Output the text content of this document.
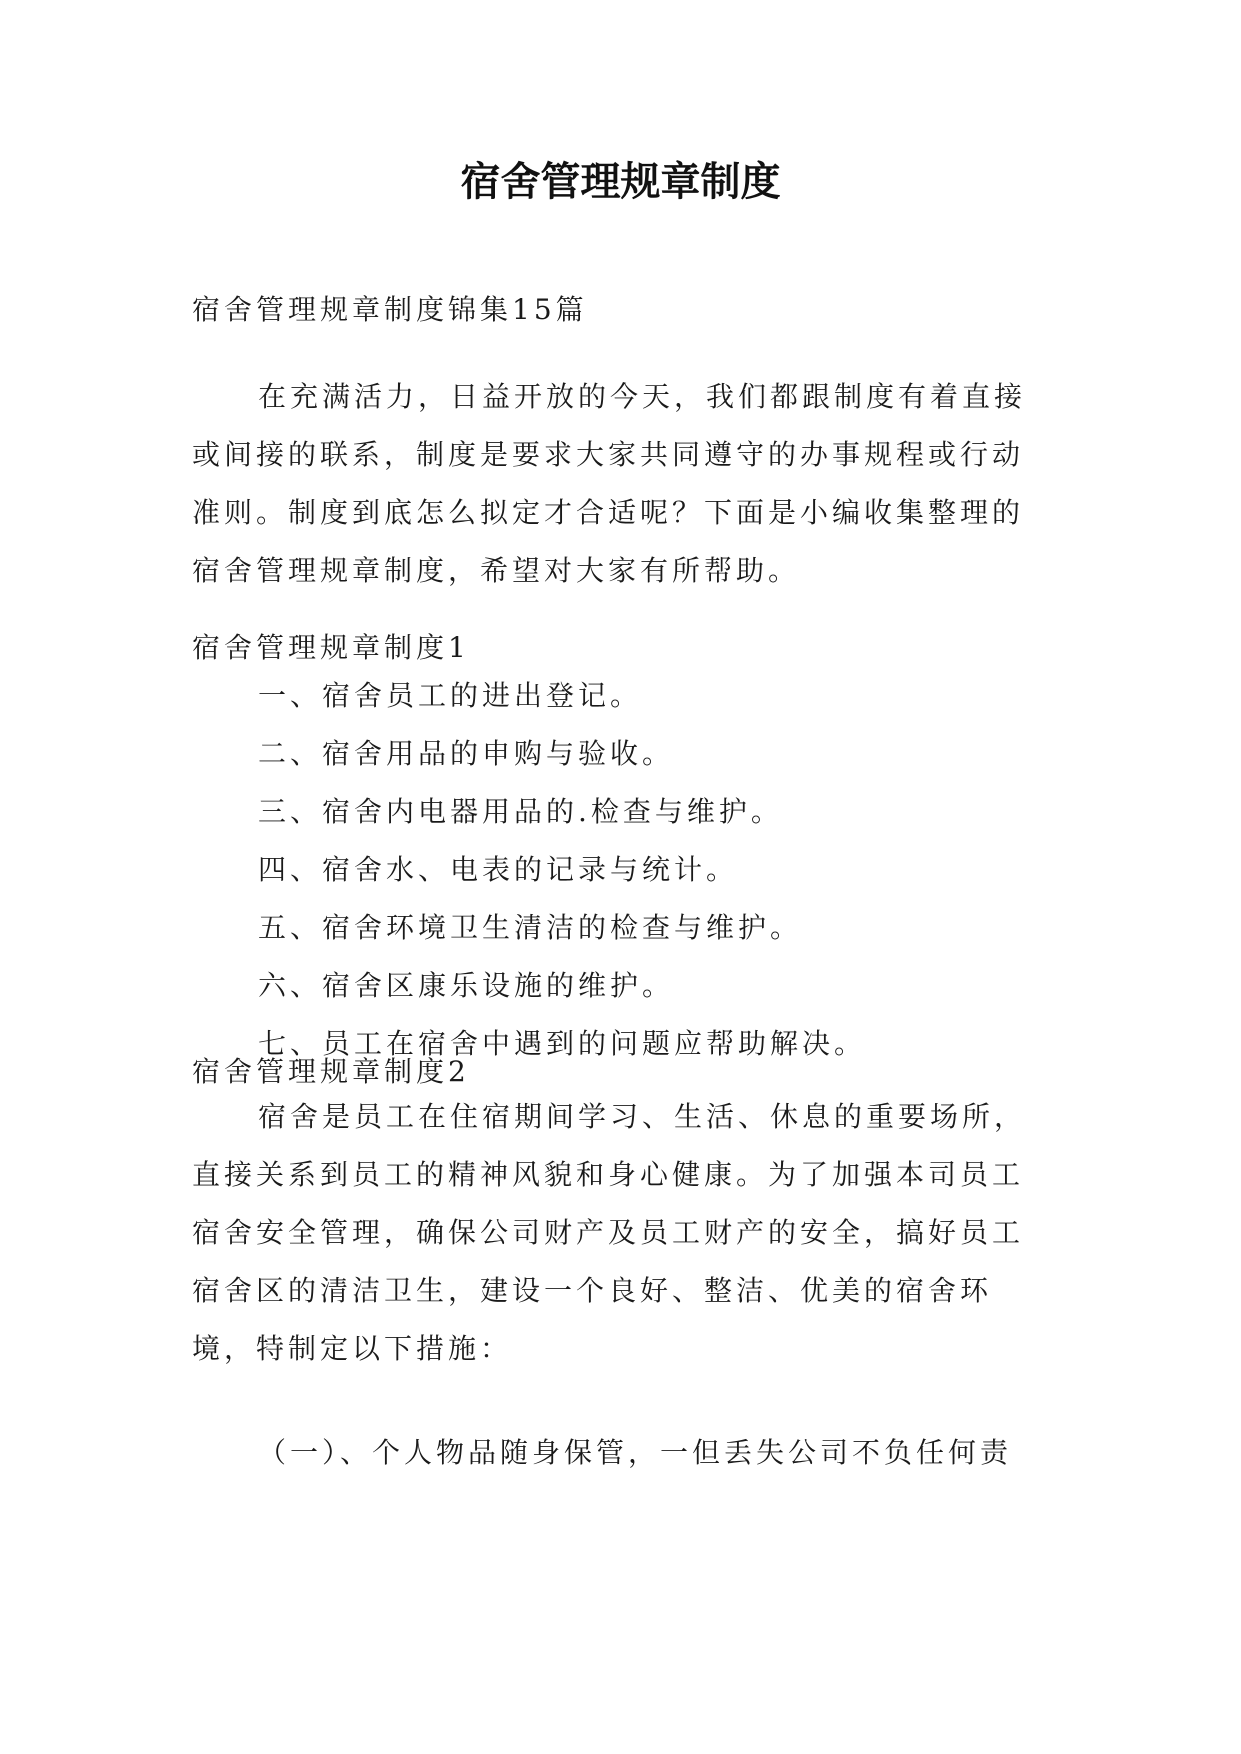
宿舍管理规章制度
宿舍管理规章制度锦集15篇
在充满活力，日益开放的今天，我们都跟制度有着直接或间接的联系，制度是要求大家共同遵守的办事规程或行动准则。制度到底怎么拟定才合适呢？下面是小编收集整理的宿舍管理规章制度，希望对大家有所帮助。
宿舍管理规章制度1
一、宿舍员工的进出登记。
二、宿舍用品的申购与验收。
三、宿舍内电器用品的.检查与维护。
四、宿舍水、电表的记录与统计。
五、宿舍环境卫生清洁的检查与维护。
六、宿舍区康乐设施的维护。
七、员工在宿舍中遇到的问题应帮助解决。
宿舍管理规章制度2
宿舍是员工在住宿期间学习、生活、休息的重要场所，直接关系到员工的精神风貌和身心健康。为了加强本司员工宿舍安全管理，确保公司财产及员工财产的安全，搞好员工宿舍区的清洁卫生，建设一个良好、整洁、优美的宿舍环境，特制定以下措施：
（一）、个人物品随身保管，一但丢失公司不负任何责
